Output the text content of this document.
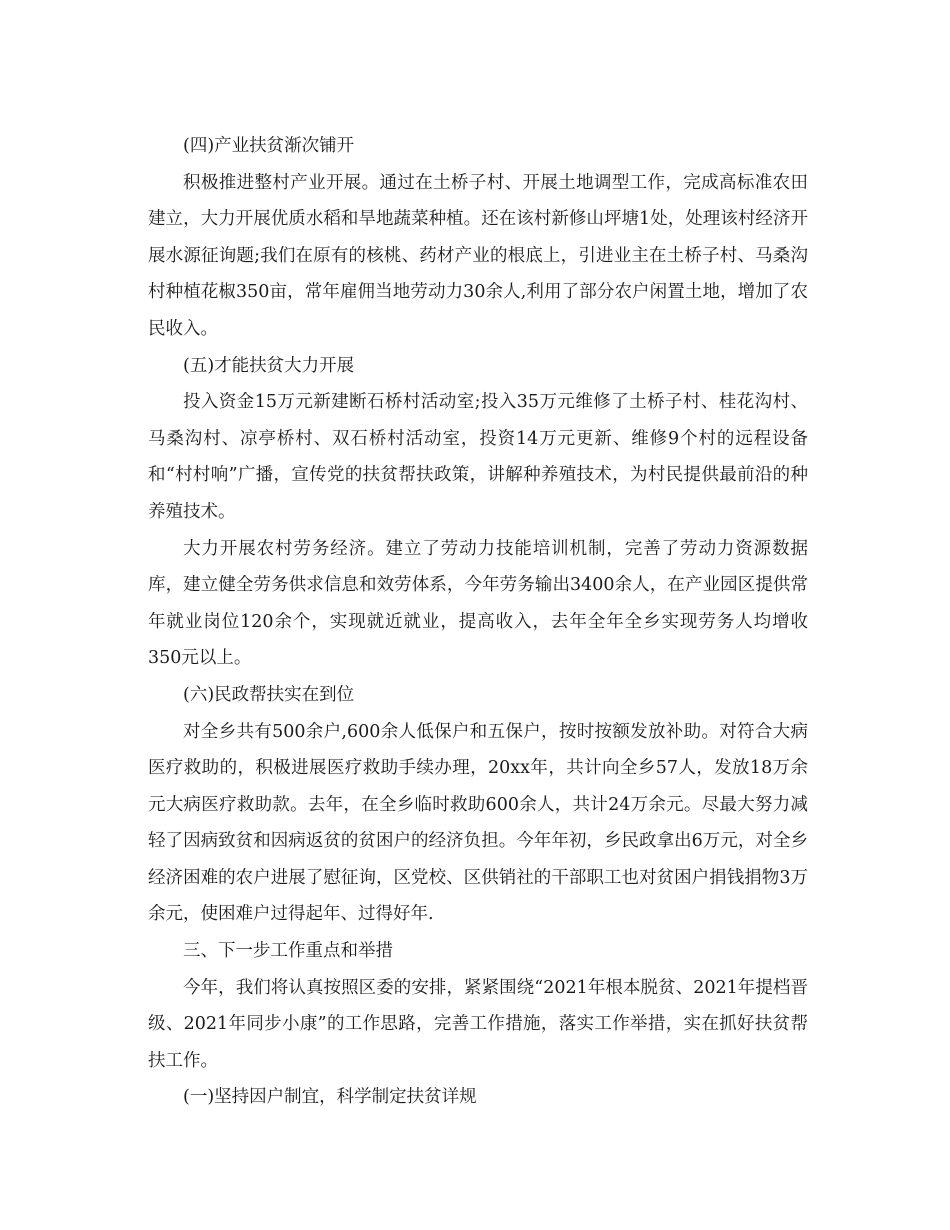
(四)产业扶贫渐次铺开

积极推进整村产业开展。通过在土桥子村、开展土地调型工作，完成高标准农田建立，大力开展优质水稻和旱地蔬菜种植。还在该村新修山坪塘1处，处理该村经济开展水源征询题;我们在原有的核桃、药材产业的根底上，引进业主在土桥子村、马桑沟村种植花椒350亩，常年雇佣当地劳动力30余人,利用了部分农户闲置土地，增加了农民收入。

(五)才能扶贫大力开展

投入资金15万元新建断石桥村活动室;投入35万元维修了土桥子村、桂花沟村、马桑沟村、凉亭桥村、双石桥村活动室，投资14万元更新、维修9个村的远程设备和“村村响”广播，宣传党的扶贫帮扶政策，讲解种养殖技术，为村民提供最前沿的种养殖技术。

大力开展农村劳务经济。建立了劳动力技能培训机制，完善了劳动力资源数据库，建立健全劳务供求信息和效劳体系，今年劳务输出3400余人，在产业园区提供常年就业岗位120余个，实现就近就业，提高收入，去年全年全乡实现劳务人均增收350元以上。

(六)民政帮扶实在到位

对全乡共有500余户,600余人低保户和五保户，按时按额发放补助。对符合大病医疗救助的，积极进展医疗救助手续办理，20xx年，共计向全乡57人，发放18万余元大病医疗救助款。去年，在全乡临时救助600余人，共计24万余元。尽最大努力减轻了因病致贫和因病返贫的贫困户的经济负担。今年年初，乡民政拿出6万元，对全乡经济困难的农户进展了慰征询，区党校、区供销社的干部职工也对贫困户捐钱捐物3万余元，使困难户过得起年、过得好年.

三、下一步工作重点和举措

今年，我们将认真按照区委的安排，紧紧围绕“2021年根本脱贫、2021年提档晋级、2021年同步小康”的工作思路，完善工作措施，落实工作举措，实在抓好扶贫帮扶工作。

(一)坚持因户制宜，科学制定扶贫详规
